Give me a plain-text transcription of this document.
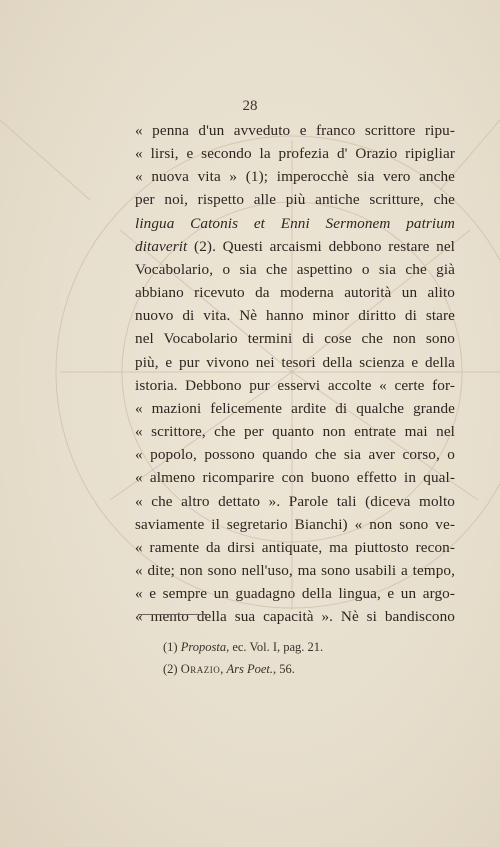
28
« penna d'un avveduto e franco scrittore ripu-
« lirsi, e secondo la profezia d' Orazio ripigliar
« nuova vita » (1); imperocchè sia vero anche
per noi, rispetto alle più antiche scritture, che
lingua Catonis et Enni Sermonem patrium
ditaverit (2). Questi arcaismi debbono restare nel
Vocabolario, o sia che aspettino o sia che già
abbiano ricevuto da moderna autorità un alito
nuovo di vita. Nè hanno minor diritto di stare
nel Vocabolario termini di cose che non sono
più, e pur vivono nei tesori della scienza e della
istoria. Debbono pur esservi accolte « certe for-
« mazioni felicemente ardite di qualche grande
« scrittore, che per quanto non entrate mai nel
« popolo, possono quando che sia aver corso, o
« almeno ricomparire con buono effetto in qual-
« che altro dettato ». Parole tali (diceva molto
saviamente il segretario Bianchi) « non sono ve-
« ramente da dirsi antiquate, ma piuttosto recon-
« dite; non sono nell'uso, ma sono usabili a tempo,
« e sempre un guadagno della lingua, e un argo-
« mento della sua capacità ». Nè si bandiscono
(1) Proposta, ec. Vol. I, pag. 21.
(2) Orazio, Ars Poet., 56.
